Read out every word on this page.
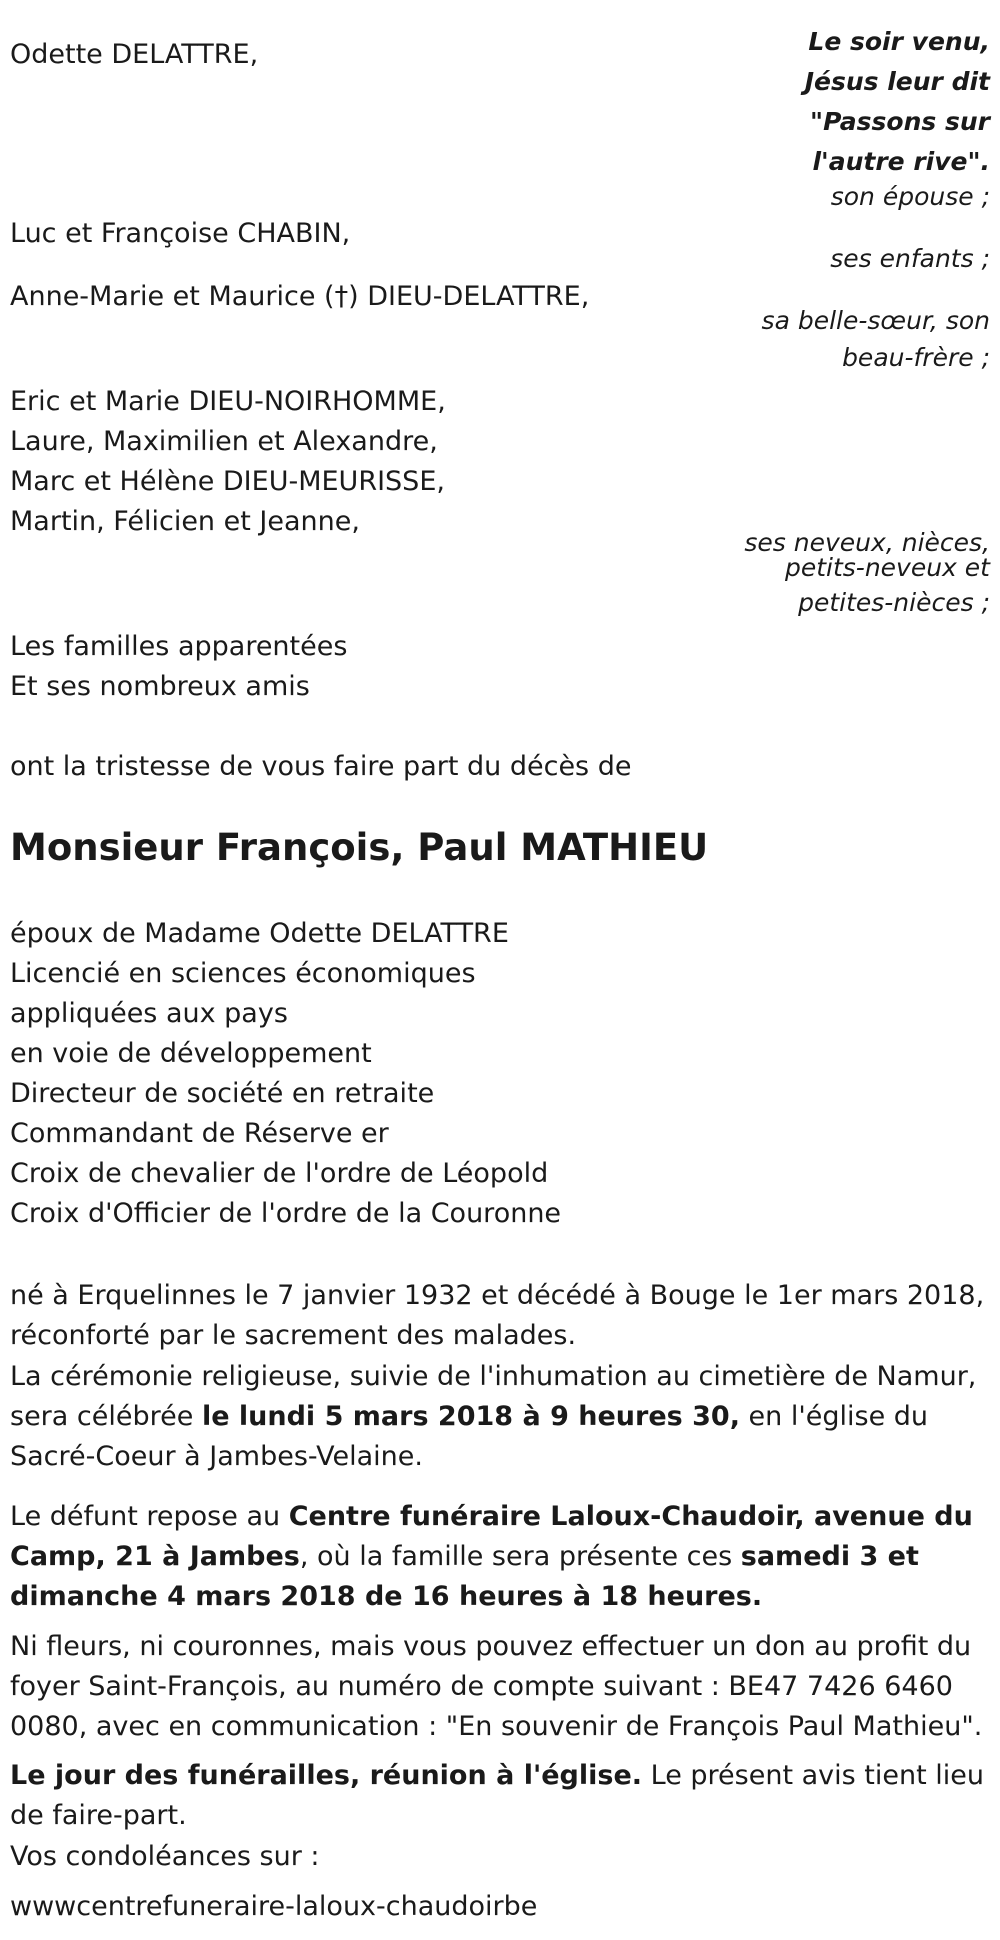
Le soir venu,
Jésus leur dit
"Passons sur
l'autre rive".
Odette DELATTRE,
son épouse ;
Luc et Françoise CHABIN,
ses enfants ;
Anne-Marie et Maurice (†) DIEU-DELATTRE,
sa belle-sœur, son
beau-frère ;
Eric et Marie DIEU-NOIRHOMME,
Laure, Maximilien et Alexandre,
Marc et Hélène DIEU-MEURISSE,
Martin, Félicien et Jeanne,
ses neveux, nièces,
petits-neveux et
petites-nièces ;
Les familles apparentées
Et ses nombreux amis
ont la tristesse de vous faire part du décès de
Monsieur François, Paul MATHIEU
époux de Madame Odette DELATTRE
Licencié en sciences économiques
appliquées aux pays
en voie de développement
Directeur de société en retraite
Commandant de Réserve er
Croix de chevalier de l'ordre de Léopold
Croix d'Officier de l'ordre de la Couronne
né à Erquelinnes le 7 janvier 1932 et décédé à Bouge le 1er mars 2018, réconforté par le sacrement des malades.
La cérémonie religieuse, suivie de l'inhumation au cimetière de Namur, sera célébrée le lundi 5 mars 2018 à 9 heures 30, en l'église du Sacré-Coeur à Jambes-Velaine.
Le défunt repose au Centre funéraire Laloux-Chaudoir, avenue du Camp, 21 à Jambes, où la famille sera présente ces samedi 3 et dimanche 4 mars 2018 de 16 heures à 18 heures.
Ni fleurs, ni couronnes, mais vous pouvez effectuer un don au profit du foyer Saint-François, au numéro de compte suivant : BE47 7426 6460 0080, avec en communication : "En souvenir de François Paul Mathieu".
Le jour des funérailles, réunion à l'église. Le présent avis tient lieu de faire-part.
Vos condoléances sur :
wwwcentrefuneraire-laloux-chaudoirbe
